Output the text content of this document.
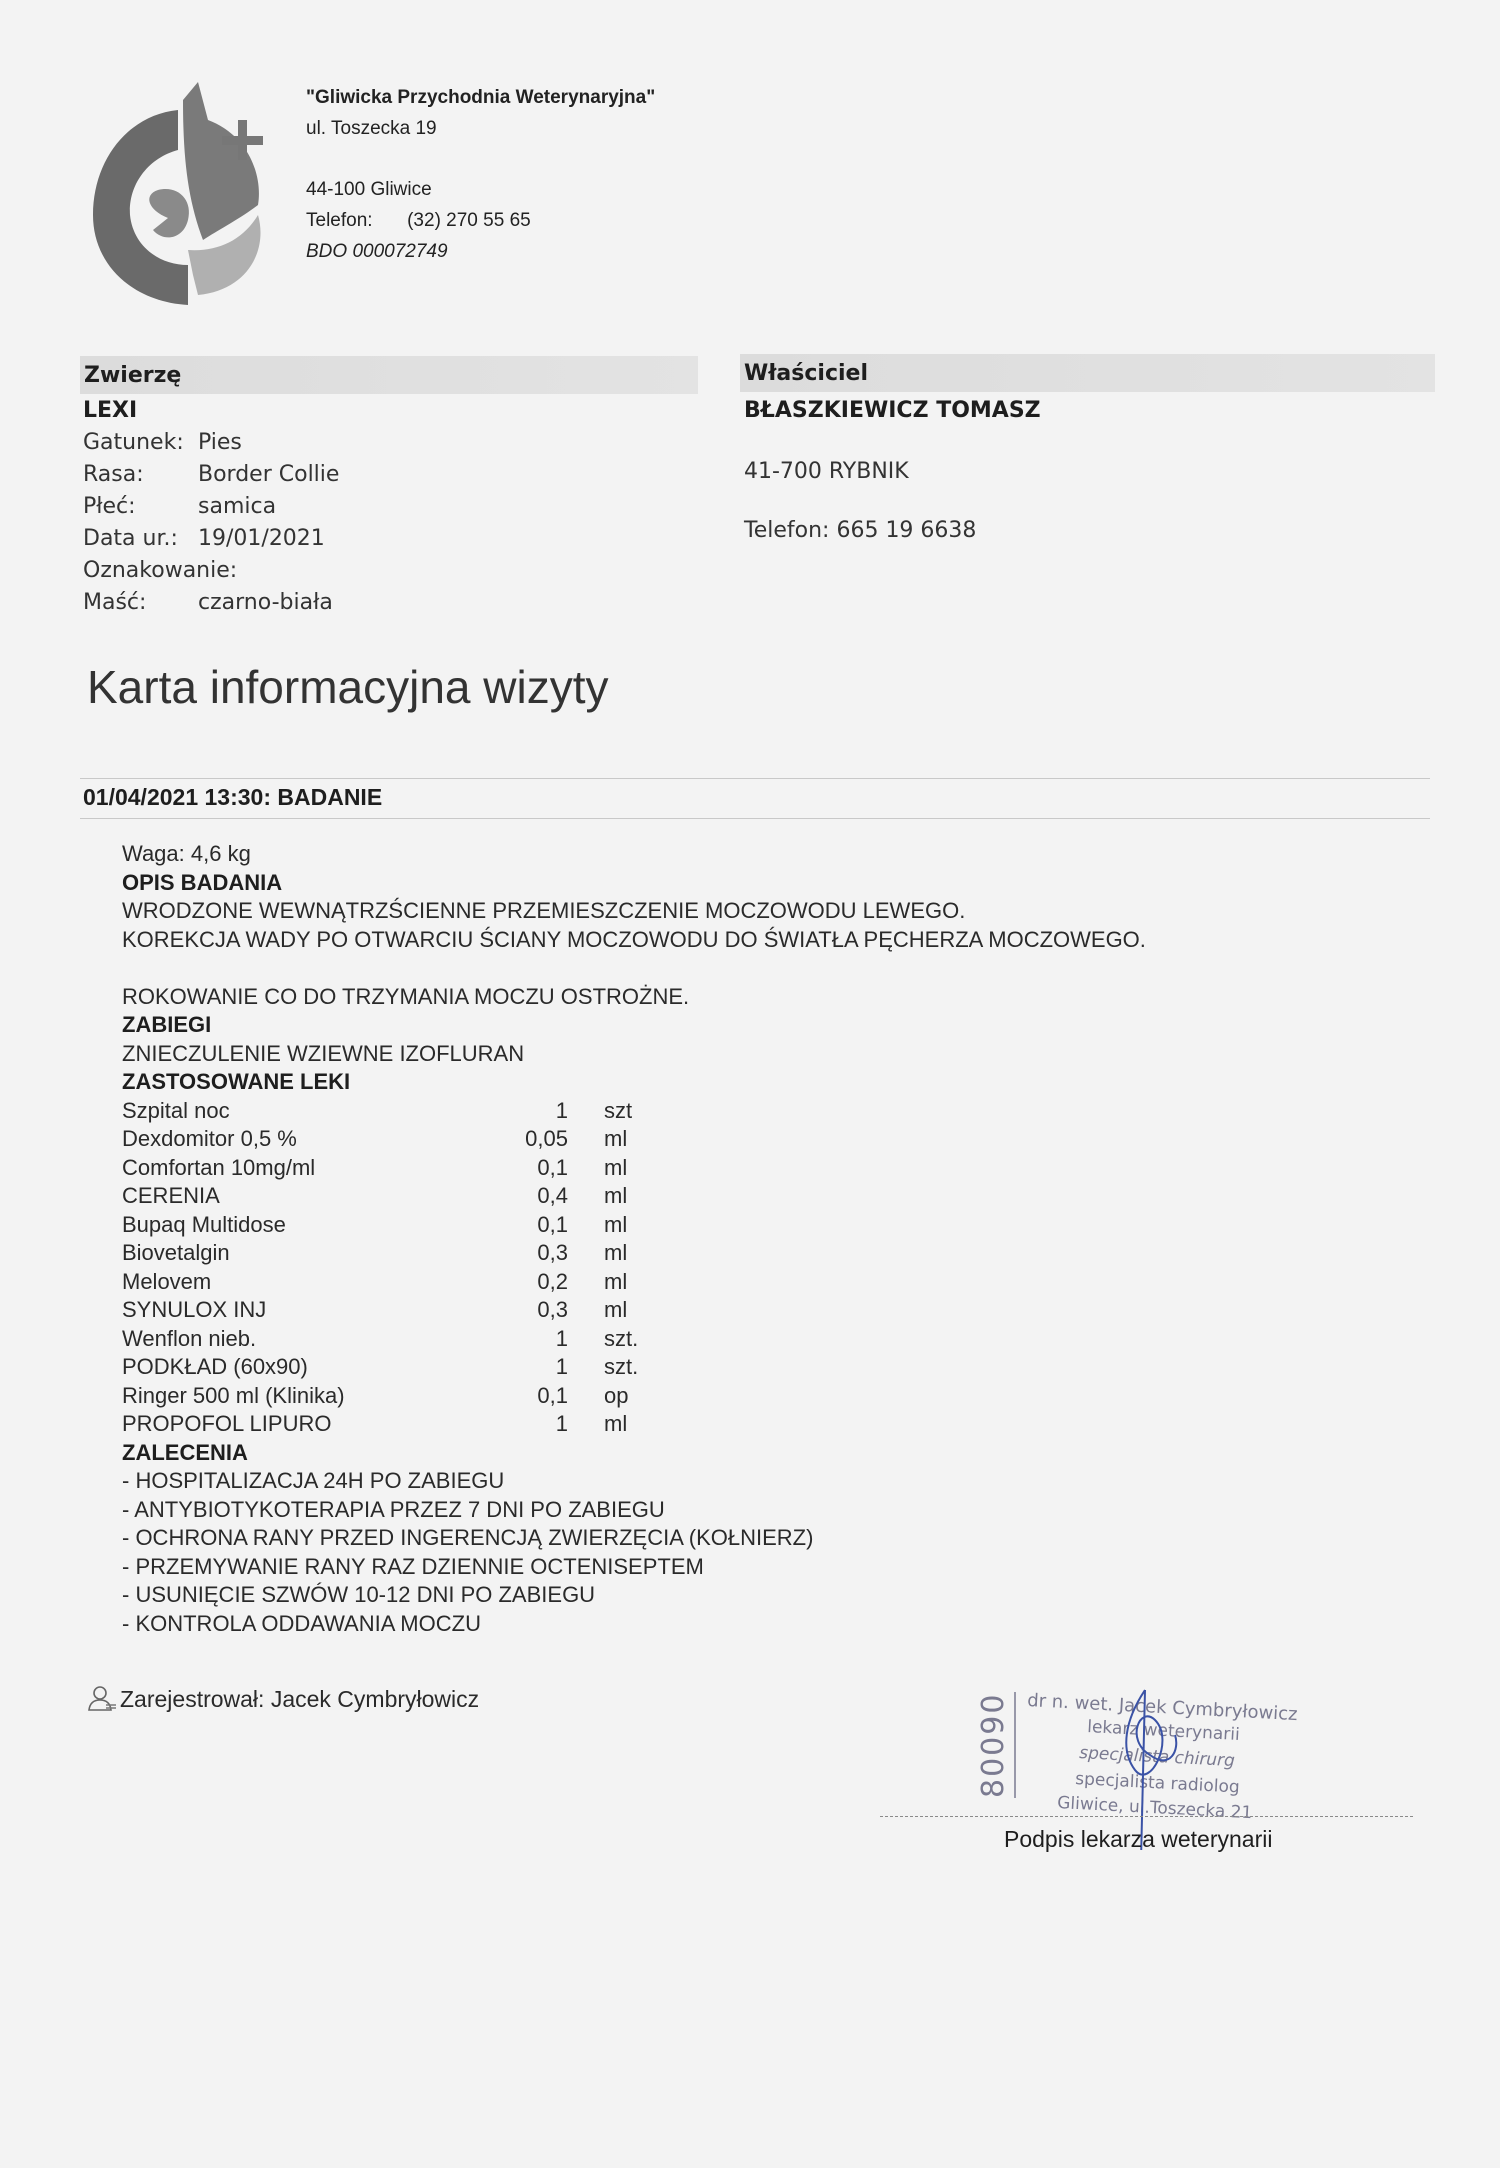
"Gliwicka Przychodnia Weterynaryjna"
ul. Toszecka 19
44-100 Gliwice
Telefon: (32) 270 55 65
BDO 000072749
Zwierzę
LEXI
Gatunek: Pies
Rasa: Border Collie
Płeć:	samica
Data ur.: 19/01/2021
Oznakowanie:
Maść: czarno-biała
Właściciel
BŁASZKIEWICZ TOMASZ
41-700 RYBNIK
Telefon: 665 19 6638
Karta informacyjna wizyty
01/04/2021 13:30: BADANIE
Waga: 4,6 kg
OPIS BADANIA
WRODZONE WEWNĄTRZŚCIENNE PRZEMIESZCZENIE MOCZOWODU LEWEGO.
KOREKCJA WADY PO OTWARCIU ŚCIANY MOCZOWODU DO ŚWIATŁA PĘCHERZA MOCZOWEGO.
ROKOWANIE CO DO TRZYMANIA MOCZU OSTROŻNE.
ZABIEGI
ZNIECZULENIE WZIEWNE IZOFLURAN
ZASTOSOWANE LEKI
Szpital noc	1 szt
Dexdomitor 0,5 %	0,05 ml
Comfortan 10mg/ml	0,1 ml
CERENIA	0,4 ml
Bupaq Multidose	0,1 ml
Biovetalgin	0,3 ml
Melovem	0,2 ml
SYNULOX INJ	0,3 ml
Wenflon nieb.	1 szt.
PODKŁAD (60x90)	1 szt.
Ringer 500 ml (Klinika)	0,1 op
PROPOFOL LIPURO	1 ml
ZALECENIA
- HOSPITALIZACJA 24H PO ZABIEGU
- ANTYBIOTYKOTERAPIA PRZEZ 7 DNI PO ZABIEGU
- OCHRONA RANY PRZED INGERENCJĄ ZWIERZĘCIA (KOŁNIERZ)
- PRZEMYWANIE RANY RAZ DZIENNIE OCTENISEPTEM
- USUNIĘCIE SZWÓW 10-12 DNI PO ZABIEGU
- KONTROLA ODDAWANIA MOCZU
Zarejestrował: Jacek Cymbryłowicz	80090 dr n. wet. Jacek Cymbryłowicz
lekarz weterynarii
specjalista chirurg
specjalista radiolog
Gliwice, ul.Toszecka 21
Podpis lekarza weterynarii
